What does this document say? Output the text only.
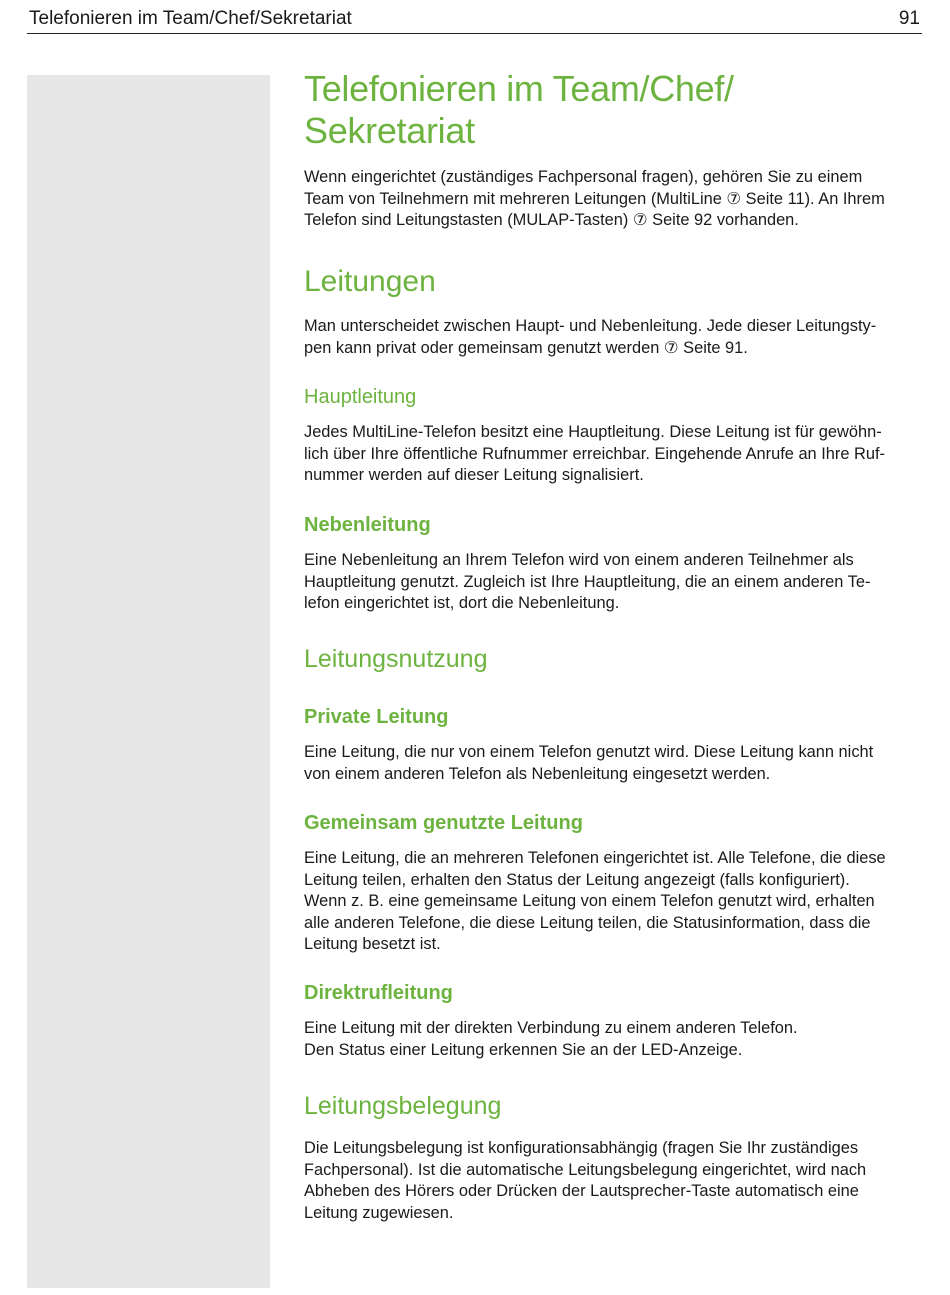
Telefonieren im Team/Chef/Sekretariat	91
Telefonieren im Team/Chef/
Sekretariat
Wenn eingerichtet (zuständiges Fachpersonal fragen), gehören Sie zu einem
Team von Teilnehmern mit mehreren Leitungen (MultiLine ⑦ Seite 11). An Ihrem
Telefon sind Leitungstasten (MULAP-Tasten) ⑦ Seite 92 vorhanden.
Leitungen
Man unterscheidet zwischen Haupt- und Nebenleitung. Jede dieser Leitungsty-
pen kann privat oder gemeinsam genutzt werden ⑦ Seite 91.
Hauptleitung
Jedes MultiLine-Telefon besitzt eine Hauptleitung. Diese Leitung ist für gewöhn-
lich über Ihre öffentliche Rufnummer erreichbar. Eingehende Anrufe an Ihre Ruf-
nummer werden auf dieser Leitung signalisiert.
Nebenleitung
Eine Nebenleitung an Ihrem Telefon wird von einem anderen Teilnehmer als
Hauptleitung genutzt. Zugleich ist Ihre Hauptleitung, die an einem anderen Te-
lefon eingerichtet ist, dort die Nebenleitung.
Leitungsnutzung
Private Leitung
Eine Leitung, die nur von einem Telefon genutzt wird. Diese Leitung kann nicht
von einem anderen Telefon als Nebenleitung eingesetzt werden.
Gemeinsam genutzte Leitung
Eine Leitung, die an mehreren Telefonen eingerichtet ist. Alle Telefone, die diese
Leitung teilen, erhalten den Status der Leitung angezeigt (falls konfiguriert).
Wenn z. B. eine gemeinsame Leitung von einem Telefon genutzt wird, erhalten
alle anderen Telefone, die diese Leitung teilen, die Statusinformation, dass die
Leitung besetzt ist.
Direktrufleitung
Eine Leitung mit der direkten Verbindung zu einem anderen Telefon.
Den Status einer Leitung erkennen Sie an der LED-Anzeige.
Leitungsbelegung
Die Leitungsbelegung ist konfigurationsabhängig (fragen Sie Ihr zuständiges
Fachpersonal). Ist die automatische Leitungsbelegung eingerichtet, wird nach
Abheben des Hörers oder Drücken der Lautsprecher-Taste automatisch eine
Leitung zugewiesen.
